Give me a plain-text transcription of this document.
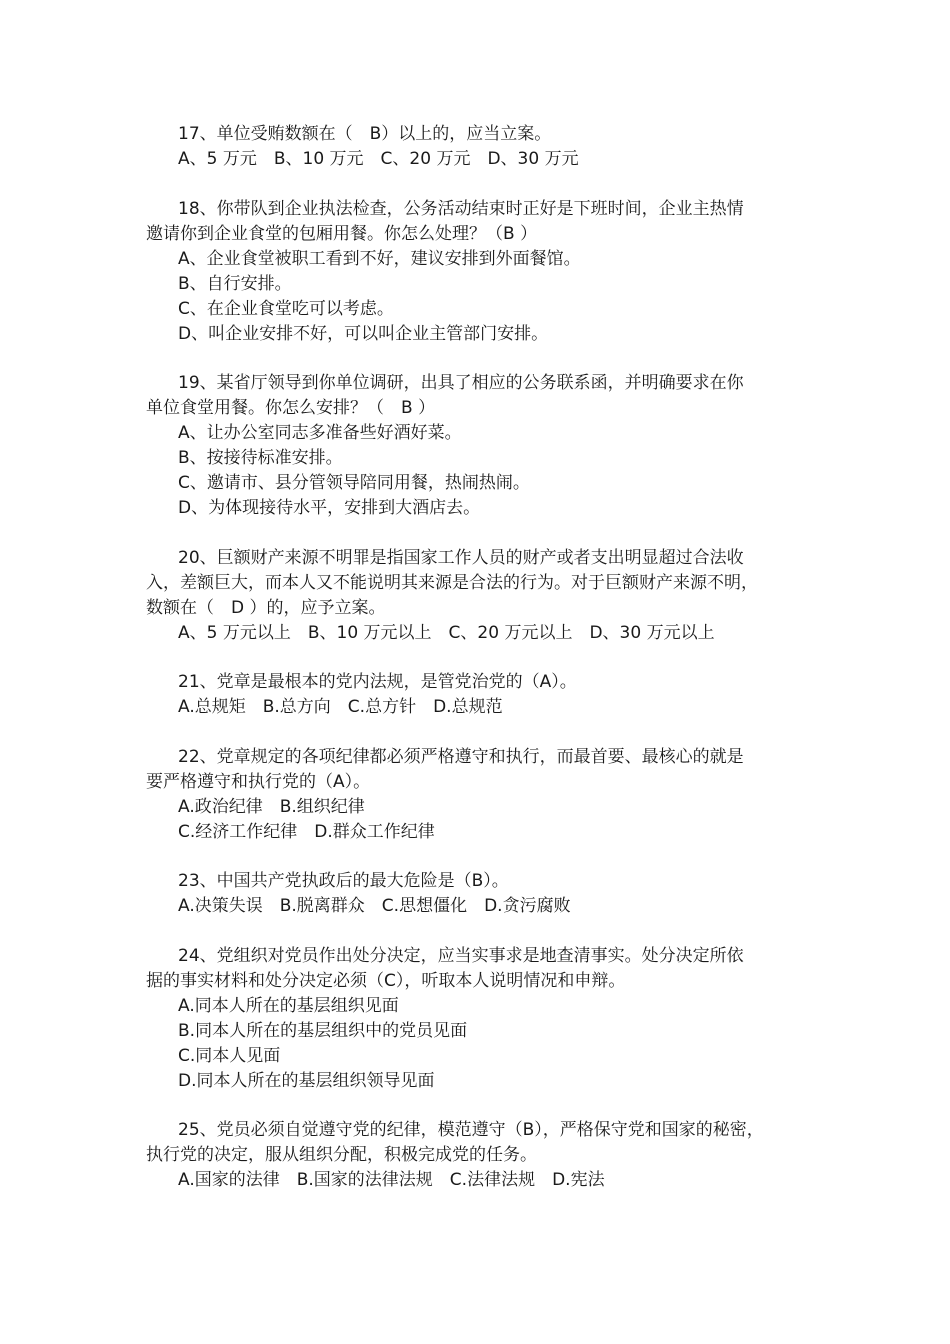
17、单位受贿数额在（　B）以上的，应当立案。
A、5 万元　B、10 万元　C、20 万元　D、30 万元
18、你带队到企业执法检查，公务活动结束时正好是下班时间，企业主热情
邀请你到企业食堂的包厢用餐。你怎么处理？（B ）
A、企业食堂被职工看到不好，建议安排到外面餐馆。
B、自行安排。
C、在企业食堂吃可以考虑。
D、叫企业安排不好，可以叫企业主管部门安排。
19、某省厅领导到你单位调研，出具了相应的公务联系函，并明确要求在你
单位食堂用餐。你怎么安排？（　B ）
A、让办公室同志多准备些好酒好菜。
B、按接待标准安排。
C、邀请市、县分管领导陪同用餐，热闹热闹。
D、为体现接待水平，安排到大酒店去。
20、巨额财产来源不明罪是指国家工作人员的财产或者支出明显超过合法收
入，差额巨大，而本人又不能说明其来源是合法的行为。对于巨额财产来源不明，
数额在（　D ）的，应予立案。
A、5 万元以上　B、10 万元以上　C、20 万元以上　D、30 万元以上
21、党章是最根本的党内法规，是管党治党的（A）。
A.总规矩　B.总方向　C.总方针　D.总规范
22、党章规定的各项纪律都必须严格遵守和执行，而最首要、最核心的就是
要严格遵守和执行党的（A）。
A.政治纪律　B.组织纪律
C.经济工作纪律　D.群众工作纪律
23、中国共产党执政后的最大危险是（B）。
A.决策失误　B.脱离群众　C.思想僵化　D.贪污腐败
24、党组织对党员作出处分决定，应当实事求是地查清事实。处分决定所依
据的事实材料和处分决定必须（C），听取本人说明情况和申辩。
A.同本人所在的基层组织见面
B.同本人所在的基层组织中的党员见面
C.同本人见面
D.同本人所在的基层组织领导见面
25、党员必须自觉遵守党的纪律，模范遵守（B），严格保守党和国家的秘密，
执行党的决定，服从组织分配，积极完成党的任务。
A.国家的法律　B.国家的法律法规　C.法律法规　D.宪法
